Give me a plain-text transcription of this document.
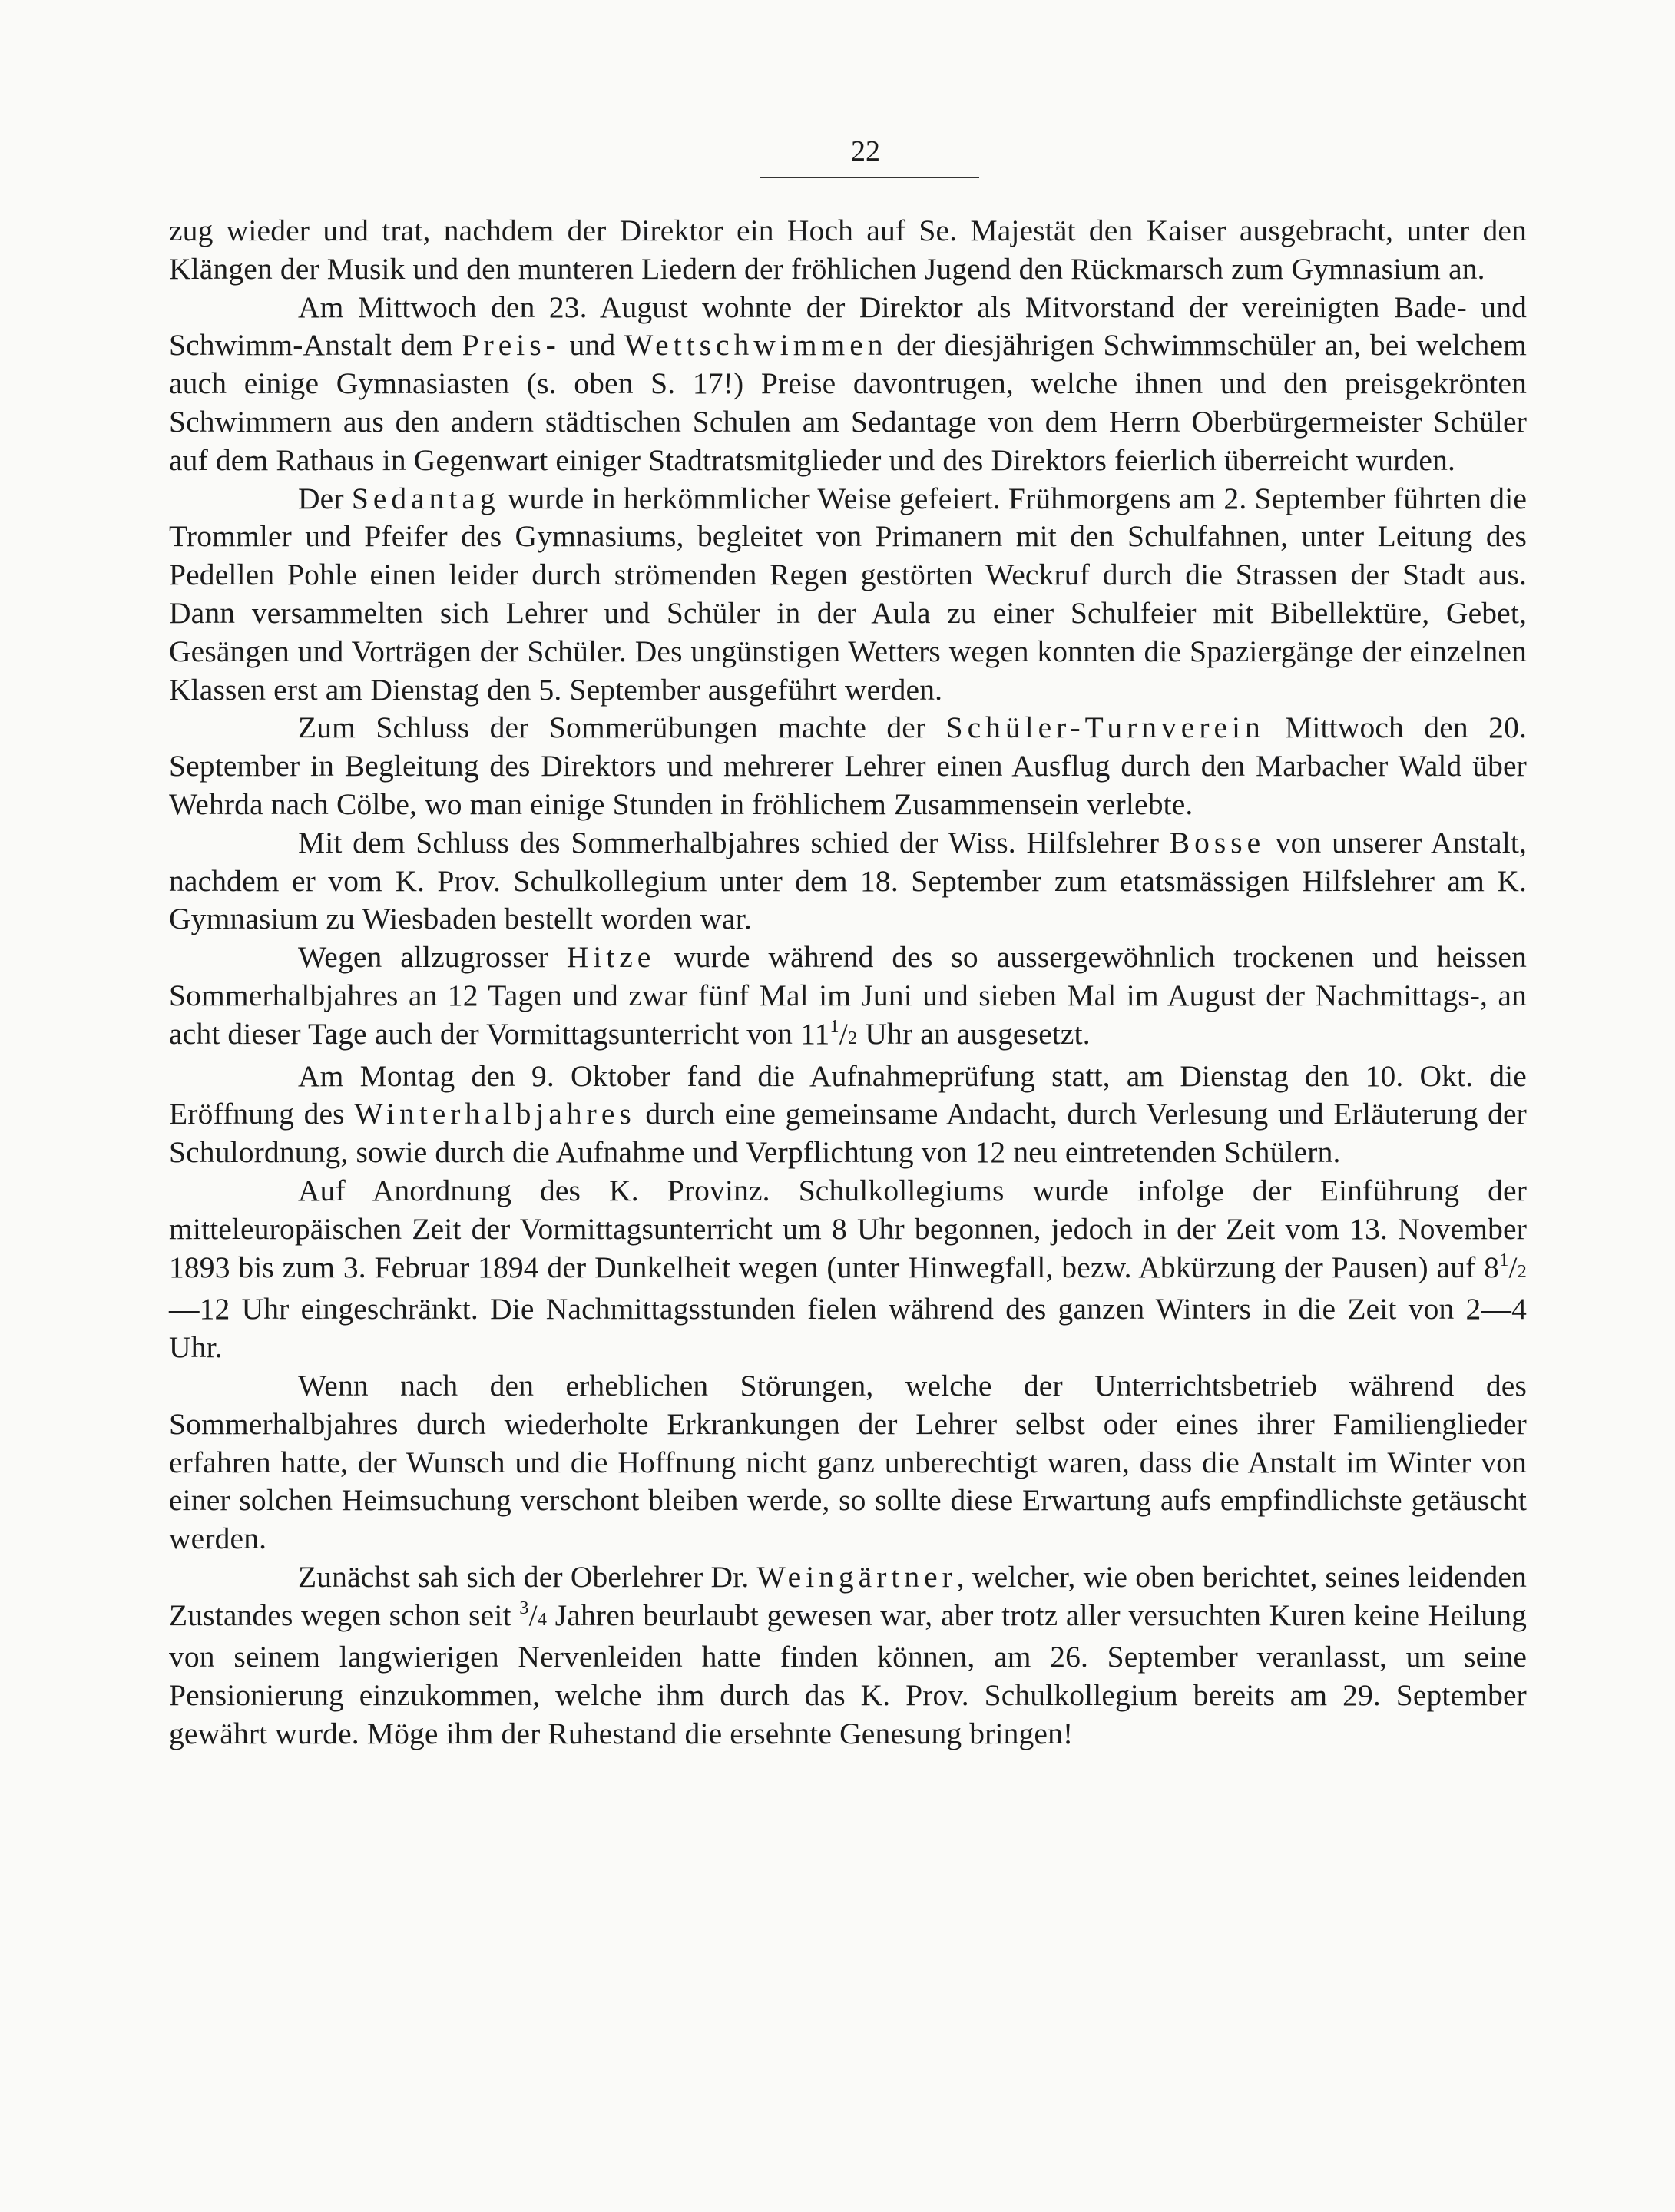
22

zug wieder und trat, nachdem der Direktor ein Hoch auf Se. Majestät den Kaiser ausgebracht, unter den Klängen der Musik und den munteren Liedern der fröhlichen Jugend den Rückmarsch zum Gymnasium an.

Am Mittwoch den 23. August wohnte der Direktor als Mitvorstand der vereinigten Bade- und Schwimm-Anstalt dem Preis- und Wettschwimmen der diesjährigen Schwimmschüler an, bei welchem auch einige Gymnasiasten (s. oben S. 17!) Preise davontrugen, welche ihnen und den preisgekrönten Schwimmern aus den andern städtischen Schulen am Sedantage von dem Herrn Oberbürgermeister Schüler auf dem Rathaus in Gegenwart einiger Stadtratsmitglieder und des Direktors feierlich überreicht wurden.

Der Sedantag wurde in herkömmlicher Weise gefeiert. Frühmorgens am 2. September führten die Trommler und Pfeifer des Gymnasiums, begleitet von Primanern mit den Schulfahnen, unter Leitung des Pedellen Pohle einen leider durch strömenden Regen gestörten Weckruf durch die Strassen der Stadt aus. Dann versammelten sich Lehrer und Schüler in der Aula zu einer Schulfeier mit Bibellektüre, Gebet, Gesängen und Vorträgen der Schüler. Des ungünstigen Wetters wegen konnten die Spaziergänge der einzelnen Klassen erst am Dienstag den 5. September ausgeführt werden.

Zum Schluss der Sommerübungen machte der Schüler-Turnverein Mittwoch den 20. September in Begleitung des Direktors und mehrerer Lehrer einen Ausflug durch den Marbacher Wald über Wehrda nach Cölbe, wo man einige Stunden in fröhlichem Zusammensein verlebte.

Mit dem Schluss des Sommerhalbjahres schied der Wiss. Hilfslehrer Bosse von unserer Anstalt, nachdem er vom K. Prov. Schulkollegium unter dem 18. September zum etatsmässigen Hilfslehrer am K. Gymnasium zu Wiesbaden bestellt worden war.

Wegen allzugrosser Hitze wurde während des so aussergewöhnlich trockenen und heissen Sommerhalbjahres an 12 Tagen und zwar fünf Mal im Juni und sieben Mal im August der Nachmittags-, an acht dieser Tage auch der Vormittagsunterricht von $11^1/2$ Uhr an ausgesetzt.

Am Montag den 9. Oktober fand die Aufnahmeprüfung statt, am Dienstag den 10. Okt. die Eröffnung des Winterhalbjahres durch eine gemeinsame Andacht, durch Verlesung und Erläuterung der Schulordnung, sowie durch die Aufnahme und Verpflichtung von 12 neu eintretenden Schülern.

Auf Anordnung des K. Provinz. Schulkollegiums wurde infolge der Einführung der mitteleuropäischen Zeit der Vormittagsunterricht um 8 Uhr begonnen, jedoch in der Zeit vom 13. November 1893 bis zum 3. Februar 1894 der Dunkelheit wegen (unter Hinwegfall, bezw. Abkürzung der Pausen) auf $8^1/2—12$ Uhr eingeschränkt. Die Nachmittagsstunden fielen während des ganzen Winters in die Zeit von 2—4 Uhr.

Wenn nach den erheblichen Störungen, welche der Unterrichtsbetrieb während des Sommerhalbjahres durch wiederholte Erkrankungen der Lehrer selbst oder eines ihrer Familienglieder erfahren hatte, der Wunsch und die Hoffnung nicht ganz unberechtigt waren, dass die Anstalt im Winter von einer solchen Heimsuchung verschont bleiben werde, so sollte diese Erwartung aufs empfindlichste getäuscht werden.

Zunächst sah sich der Oberlehrer Dr. Weingärtner, welcher, wie oben berichtet, seines leidenden Zustandes wegen schon seit $^3$/4 Jahren beurlaubt gewesen war, aber trotz aller versuchten Kuren keine Heilung von seinem langwierigen Nervenleiden hatte finden können, am 26. September veranlasst, um seine Pensionierung einzukommen, welche ihm durch das K. Prov. Schulkollegium bereits am 29. September gewährt wurde. Möge ihm der Ruhestand die ersehnte Genesung bringen!
